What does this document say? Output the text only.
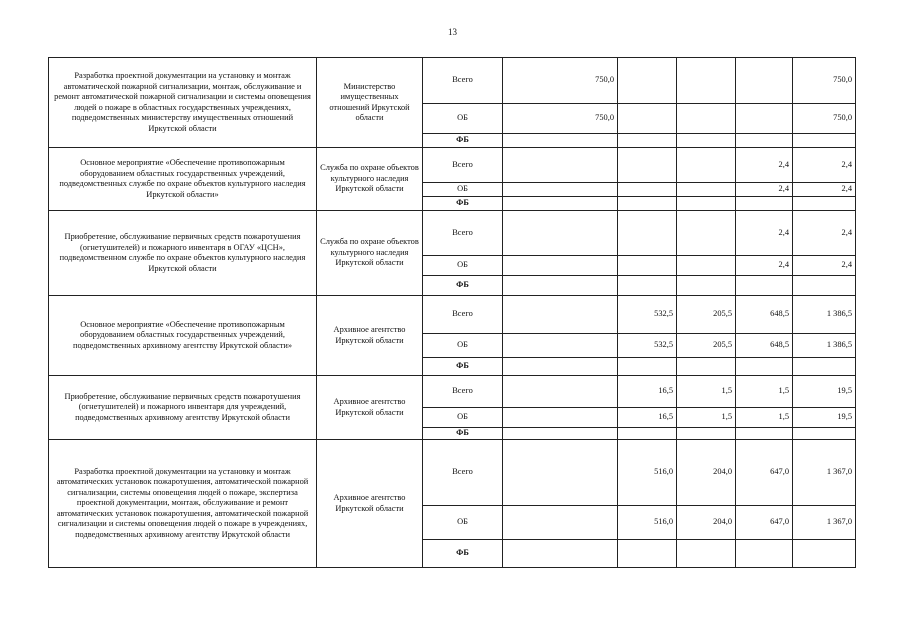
13
Разработка проектной документации на установку и монтаж автоматической пожарной сигнализации, монтаж, обслуживание и ремонт автоматической пожарной сигнализации и системы оповещения людей о пожаре в областных государственных учреждениях, подведомственных министерству имущественных отношений Иркутской области	Министерство имущественных отношений Иркутской области	Всего	750,0				750,0
		ОБ	750,0				750,0
		ФБ					
Основное мероприятие «Обеспечение противопожарным оборудованием областных государственных учреждений, подведомственных службе по охране объектов культурного наследия Иркутской области»	Служба по охране объектов культурного наследия Иркутской области	Всего				2,4	2,4
		ОБ				2,4	2,4
		ФБ					
Приобретение, обслуживание первичных средств пожаротушения (огнетушителей) и пожарного инвентаря в ОГАУ «ЦСН», подведомственном службе по охране объектов культурного наследия Иркутской области	Служба по охране объектов культурного наследия Иркутской области	Всего				2,4	2,4
		ОБ				2,4	2,4
		ФБ					
Основное мероприятие «Обеспечение противопожарным оборудованием областных государственных учреждений, подведомственных архивному агентству Иркутской области»	Архивное агентство Иркутской области	Всего		532,5	205,5	648,5	1 386,5
		ОБ		532,5	205,5	648,5	1 386,5
		ФБ					
Приобретение, обслуживание первичных средств пожаротушения (огнетушителей) и пожарного инвентаря для учреждений, подведомственных архивному агентству Иркутской области	Архивное агентство Иркутской области	Всего		16,5	1,5	1,5	19,5
		ОБ		16,5	1,5	1,5	19,5
		ФБ					
Разработка проектной документации на установку и монтаж автоматических установок пожаротушения, автоматической пожарной сигнализации, системы оповещения людей о пожаре, экспертиза проектной документации, монтаж, обслуживание и ремонт автоматических установок пожаротушения, автоматической пожарной сигнализации и системы оповещения людей о пожаре в учреждениях, подведомственных архивному агентству Иркутской области	Архивное агентство Иркутской области	Всего		516,0	204,0	647,0	1 367,0
		ОБ		516,0	204,0	647,0	1 367,0
		ФБ					
